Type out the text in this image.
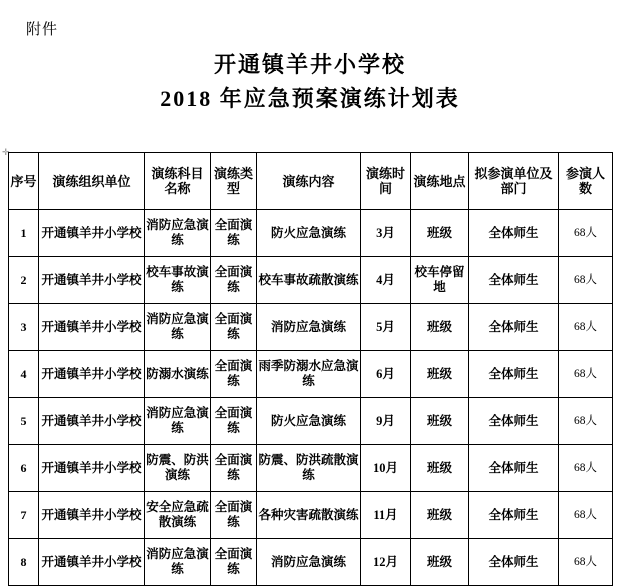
附件
开通镇羊井小学校
2018 年应急预案演练计划表
✛
序号	演练组织单位	演练科目名称	演练类型	演练内容	演练时间	演练地点	拟参演单位及部门	参演人数
1	开通镇羊井小学校	消防应急演练	全面演练	防火应急演练	3月	班级	全体师生	68人
2	开通镇羊井小学校	校车事故演练	全面演练	校车事故疏散演练	4月	校车停留地	全体师生	68人
3	开通镇羊井小学校	消防应急演练	全面演练	消防应急演练	5月	班级	全体师生	68人
4	开通镇羊井小学校	防溺水演练	全面演练	雨季防溺水应急演练	6月	班级	全体师生	68人
5	开通镇羊井小学校	消防应急演练	全面演练	防火应急演练	9月	班级	全体师生	68人
6	开通镇羊井小学校	防震、防洪演练	全面演练	防震、防洪疏散演练	10月	班级	全体师生	68人
7	开通镇羊井小学校	安全应急疏散演练	全面演练	各种灾害疏散演练	11月	班级	全体师生	68人
8	开通镇羊井小学校	消防应急演练	全面演练	消防应急演练	12月	班级	全体师生	68人
